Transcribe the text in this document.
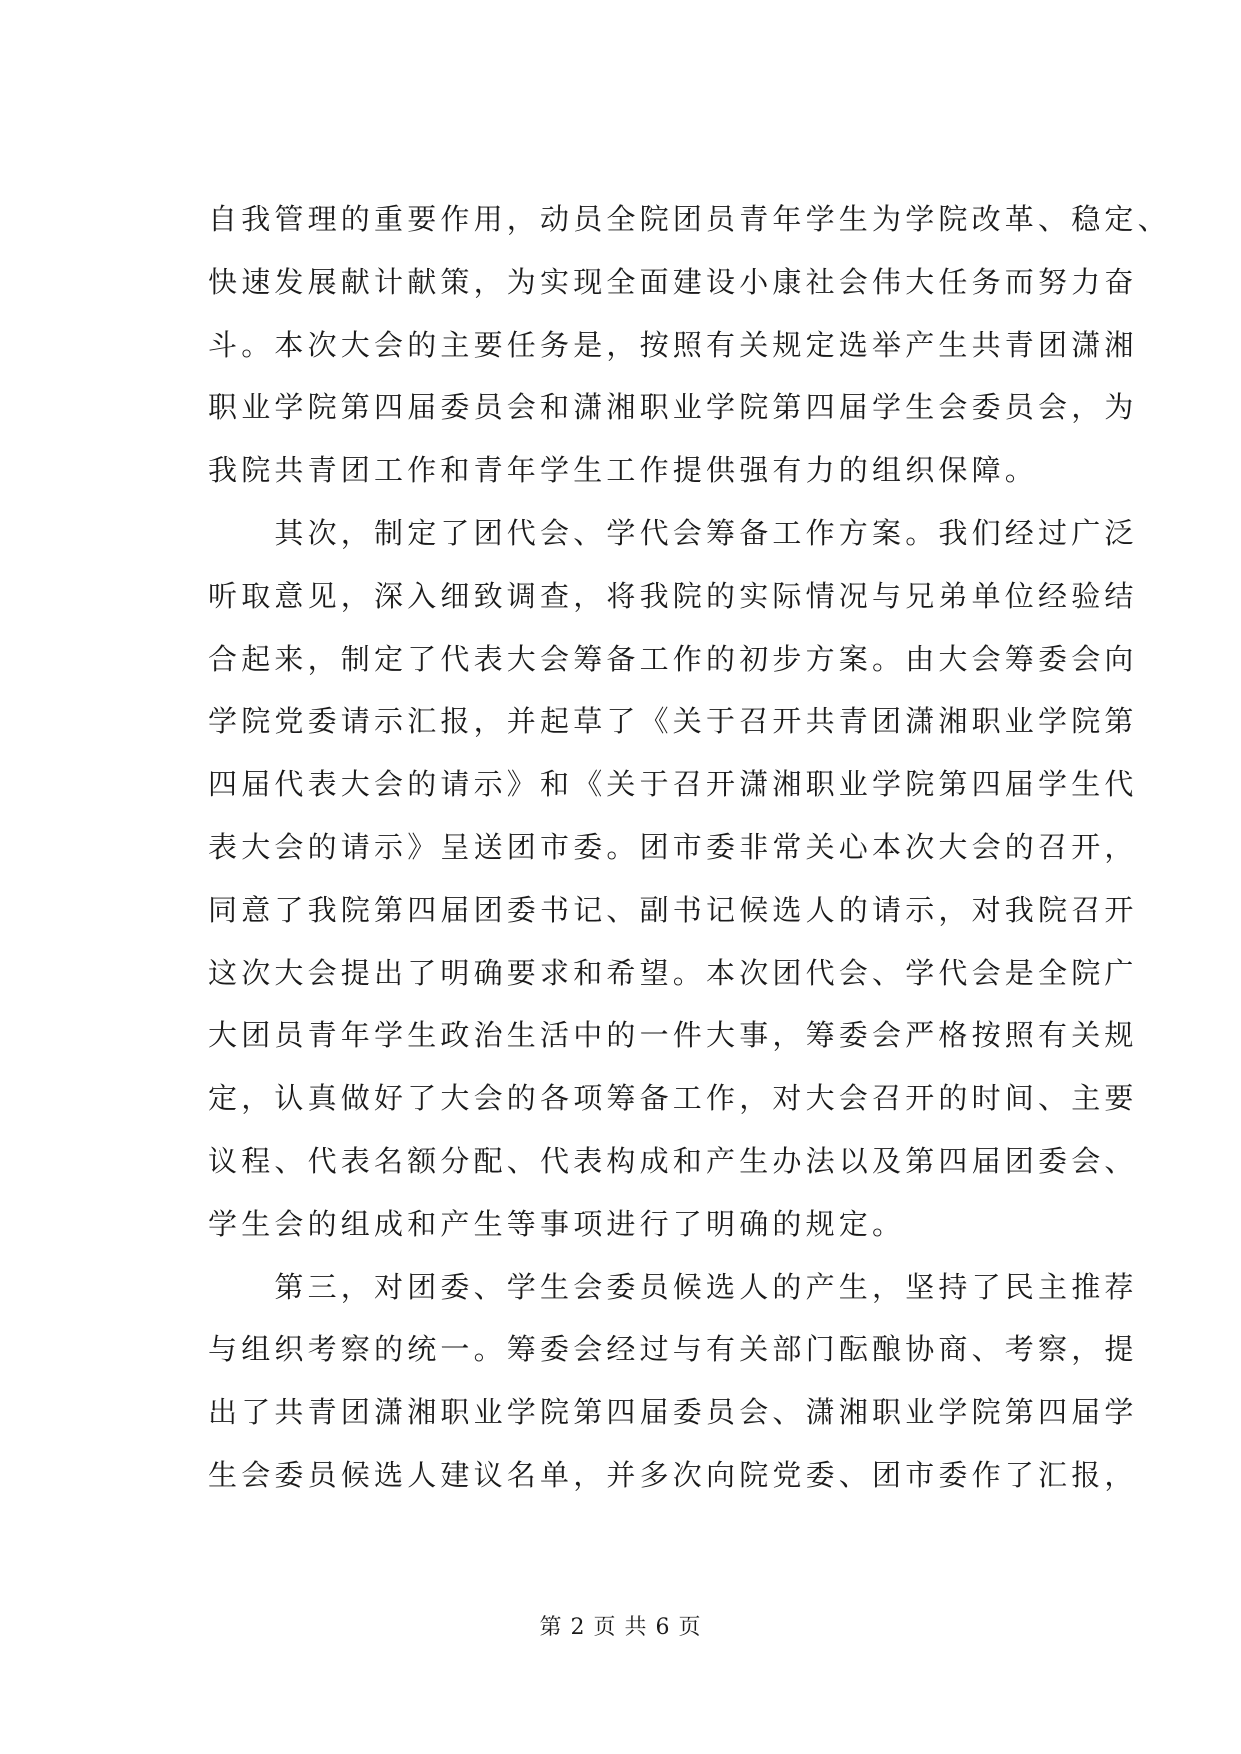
自我管理的重要作用，动员全院团员青年学生为学院改革、稳定、
快速发展献计献策，为实现全面建设小康社会伟大任务而努力奋
斗。本次大会的主要任务是，按照有关规定选举产生共青团潇湘
职业学院第四届委员会和潇湘职业学院第四届学生会委员会，为
我院共青团工作和青年学生工作提供强有力的组织保障。

　　其次，制定了团代会、学代会筹备工作方案。我们经过广泛
听取意见，深入细致调查，将我院的实际情况与兄弟单位经验结
合起来，制定了代表大会筹备工作的初步方案。由大会筹委会向
学院党委请示汇报，并起草了《关于召开共青团潇湘职业学院第
四届代表大会的请示》和《关于召开潇湘职业学院第四届学生代
表大会的请示》呈送团市委。团市委非常关心本次大会的召开，
同意了我院第四届团委书记、副书记候选人的请示，对我院召开
这次大会提出了明确要求和希望。本次团代会、学代会是全院广
大团员青年学生政治生活中的一件大事，筹委会严格按照有关规
定，认真做好了大会的各项筹备工作，对大会召开的时间、主要
议程、代表名额分配、代表构成和产生办法以及第四届团委会、
学生会的组成和产生等事项进行了明确的规定。

　　第三，对团委、学生会委员候选人的产生，坚持了民主推荐
与组织考察的统一。筹委会经过与有关部门酝酿协商、考察，提
出了共青团潇湘职业学院第四届委员会、潇湘职业学院第四届学
生会委员候选人建议名单，并多次向院党委、团市委作了汇报，

第 2 页 共 6 页
